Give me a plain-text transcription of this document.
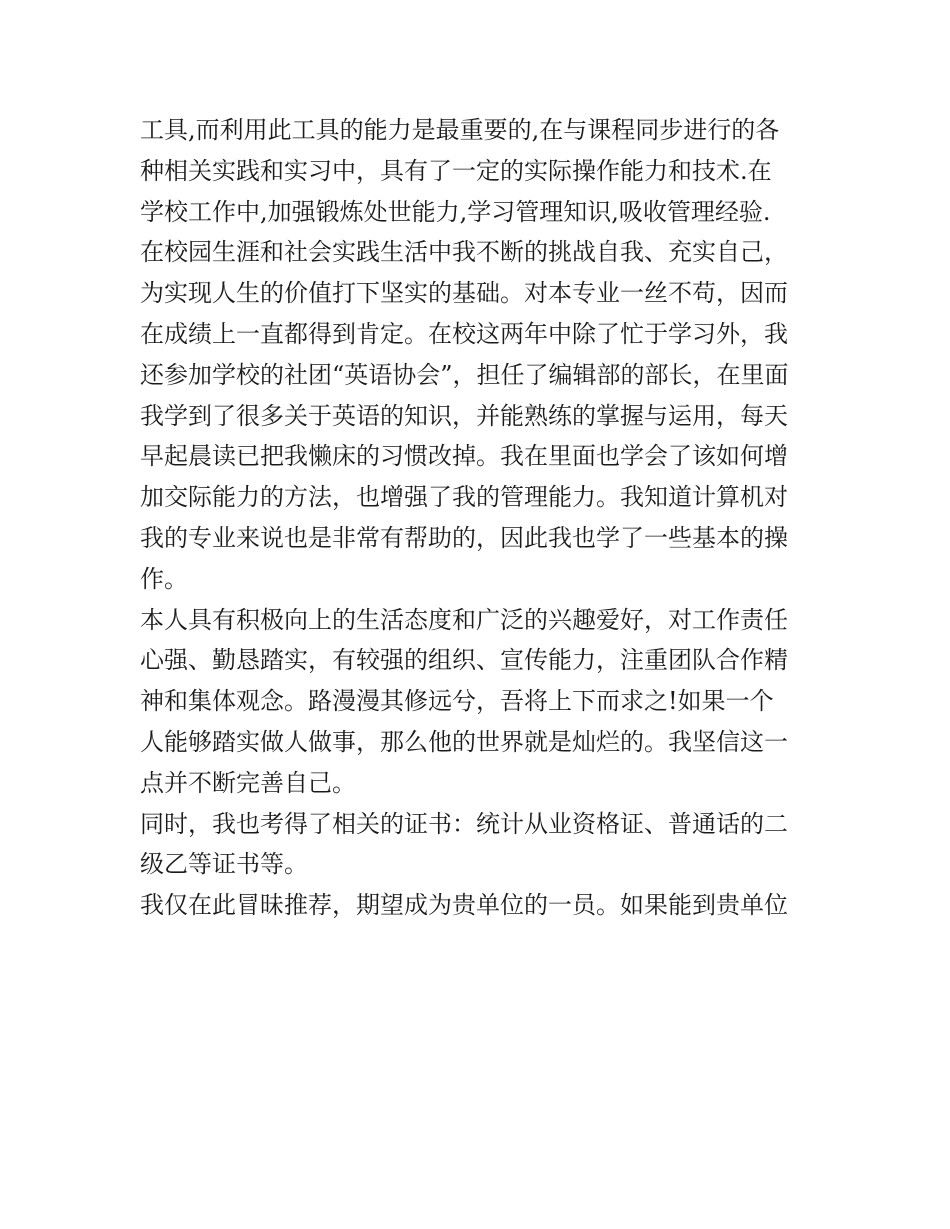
工具,而利用此工具的能力是最重要的,在与课程同步进行的各
种相关实践和实习中，具有了一定的实际操作能力和技术.在
学校工作中,加强锻炼处世能力,学习管理知识,吸收管理经验.
在校园生涯和社会实践生活中我不断的挑战自我、充实自己，
为实现人生的价值打下坚实的基础。对本专业一丝不苟，因而
在成绩上一直都得到肯定。在校这两年中除了忙于学习外，我
还参加学校的社团“英语协会”，担任了编辑部的部长，在里面
我学到了很多关于英语的知识，并能熟练的掌握与运用，每天
早起晨读已把我懒床的习惯改掉。我在里面也学会了该如何增
加交际能力的方法，也增强了我的管理能力。我知道计算机对
我的专业来说也是非常有帮助的，因此我也学了一些基本的操
作。
本人具有积极向上的生活态度和广泛的兴趣爱好，对工作责任
心强、勤恳踏实，有较强的组织、宣传能力，注重团队合作精
神和集体观念。路漫漫其修远兮，吾将上下而求之!如果一个
人能够踏实做人做事，那么他的世界就是灿烂的。我坚信这一
点并不断完善自己。
同时，我也考得了相关的证书：统计从业资格证、普通话的二
级乙等证书等。
我仅在此冒昧推荐，期望成为贵单位的一员。如果能到贵单位
